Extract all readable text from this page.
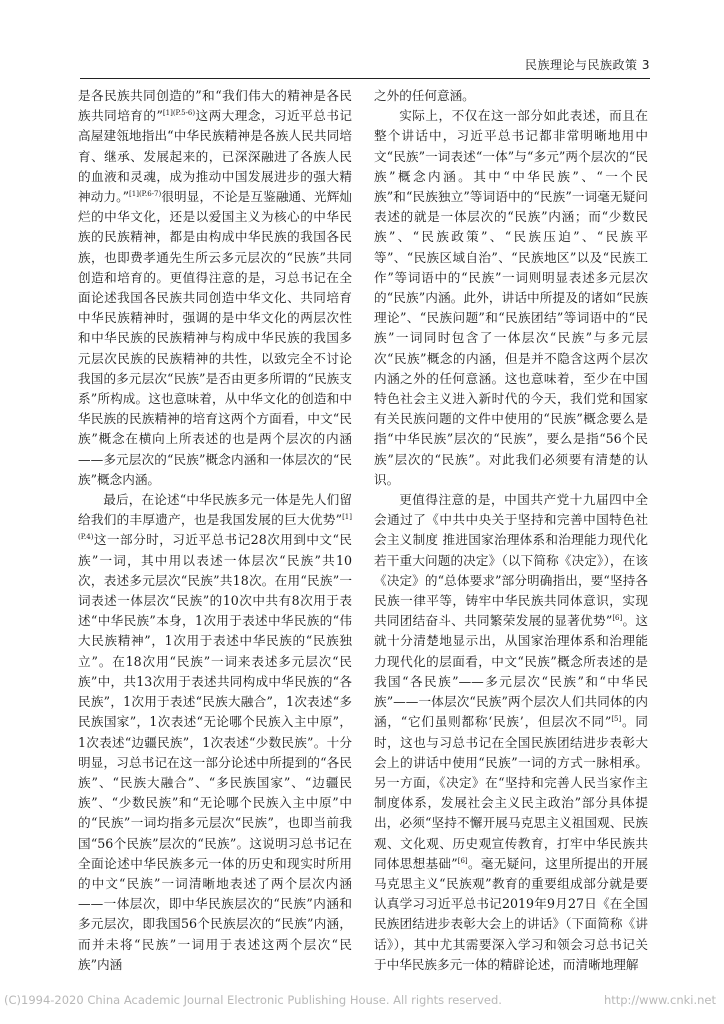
民族理论与民族政策 3

是各民族共同创造的”和“我们伟大的精神是各民族共同培育的”$^{[1](P.5-6)}$这两大理念，习近平总书记高屋建瓴地指出“中华民族精神是各族人民共同培育、继承、发展起来的，已深深融进了各族人民的血液和灵魂，成为推动中国发展进步的强大精神动力。”$^{[1](P.6-7)}$很明显，不论是互鉴融通、光辉灿烂的中华文化，还是以爱国主义为核心的中华民族的民族精神，都是由构成中华民族的我国各民族，也即费孝通先生所云多元层次的“民族”共同创造和培育的。更值得注意的是，习总书记在全面论述我国各民族共同创造中华文化、共同培育中华民族精神时，强调的是中华文化的两层次性和中华民族的民族精神与构成中华民族的我国多元层次民族的民族精神的共性，以致完全不讨论我国的多元层次“民族”是否由更多所谓的“民族支系”所构成。这也意味着，从中华文化的创造和中华民族的民族精神的培育这两个方面看，中文“民族”概念在横向上所表述的也是两个层次的内涵——多元层次的“民族”概念内涵和一体层次的“民族”概念内涵。

最后，在论述“中华民族多元一体是先人们留给我们的丰厚遗产，也是我国发展的巨大优势”$^{[1](P.4)}$这一部分时，习近平总书记28次用到中文“民族”一词，其中用以表述一体层次“民族”共10次，表述多元层次“民族”共18次。在用“民族”一词表述一体层次“民族”的10次中共有8次用于表述“中华民族”本身，1次用于表述中华民族的“伟大民族精神”，1次用于表述中华民族的“民族独立”。在18次用“民族”一词来表述多元层次“民族”中，共13次用于表述共同构成中华民族的“各民族”，1次用于表述“民族大融合”，1次表述“多民族国家”，1次表述“无论哪个民族入主中原”，1次表述“边疆民族”，1次表述“少数民族”。十分明显，习总书记在这一部分论述中所提到的“各民族”、“民族大融合”、“多民族国家”、“边疆民族”、“少数民族”和“无论哪个民族入主中原”中的“民族”一词均指多元层次“民族”，也即当前我国“56个民族”层次的“民族”。这说明习总书记在全面论述中华民族多元一体的历史和现实时所用的中文“民族”一词清晰地表述了两个层次内涵——一体层次，即中华民族层次的“民族”内涵和多元层次，即我国56个民族层次的“民族”内涵，而并未将“民族”一词用于表述这两个层次“民族”内涵

之外的任何意涵。

实际上，不仅在这一部分如此表述，而且在整个讲话中，习近平总书记都非常明晰地用中文“民族”一词表述“一体”与“多元”两个层次的“民族”概念内涵。其中“中华民族”、“一个民族”和“民族独立”等词语中的“民族”一词毫无疑问表述的就是一体层次的“民族”内涵；而“少数民族”、“民族政策”、“民族压迫”、“民族平等”、“民族区域自治”、“民族地区”以及“民族工作”等词语中的“民族”一词则明显表述多元层次的“民族”内涵。此外，讲话中所提及的诸如“民族理论”、“民族问题”和“民族团结”等词语中的“民族”一词同时包含了一体层次“民族”与多元层次“民族”概念的内涵，但是并不隐含这两个层次内涵之外的任何意涵。这也意味着，至少在中国特色社会主义进入新时代的今天，我们党和国家有关民族问题的文件中使用的“民族”概念要么是指“中华民族”层次的“民族”，要么是指“56个民族”层次的“民族”。对此我们必须要有清楚的认识。

更值得注意的是，中国共产党十九届四中全会通过了《中共中央关于坚持和完善中国特色社会主义制度 推进国家治理体系和治理能力现代化若干重大问题的决定》（以下简称《决定》），在该《决定》的“总体要求”部分明确指出，要“坚持各民族一律平等，铸牢中华民族共同体意识，实现共同团结奋斗、共同繁荣发展的显著优势”[6]。这就十分清楚地显示出，从国家治理体系和治理能力现代化的层面看，中文“民族”概念所表述的是我国“各民族”——多元层次“民族”和“中华民族”——一体层次“民族”两个层次人们共同体的内涵，“它们虽则都称‘民族’，但层次不同”[5]。同时，这也与习总书记在全国民族团结进步表彰大会上的讲话中使用“民族”一词的方式一脉相承。另一方面，《决定》在“坚持和完善人民当家作主制度体系，发展社会主义民主政治”部分具体提出，必须“坚持不懈开展马克思主义祖国观、民族观、文化观、历史观宣传教育，打牢中华民族共同体思想基础”[6]。毫无疑问，这里所提出的开展马克思主义“民族观”教育的重要组成部分就是要认真学习习近平总书记2019年9月27日《在全国民族团结进步表彰大会上的讲话》（下面简称《讲话》），其中尤其需要深入学习和领会习总书记关于中华民族多元一体的精辟论述，而清晰地理解

(C)1994-2020 China Academic Journal Electronic Publishing House. All rights reserved.	http://www.cnki.net
